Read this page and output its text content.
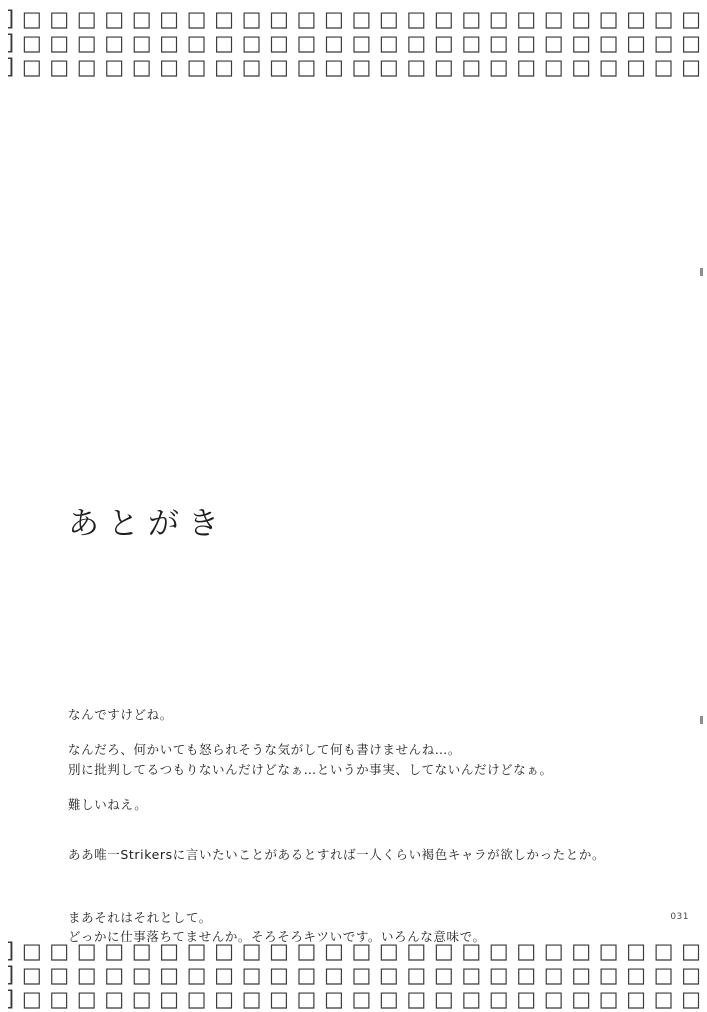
] □ □ □ □ □ □ □ □ □ □ □ □ □ □ □ □ □ □ □ □ □ □ □ □ □
] □ □ □ □ □ □ □ □ □ □ □ □ □ □ □ □ □ □ □ □ □ □ □ □ □
] □ □ □ □ □ □ □ □ □ □ □ □ □ □ □ □ □ □ □ □ □ □ □ □ □
] □ □ □ □ □ □ □ □ □ □ □ □ □ □ □ □ □ □ □ □ □ □ □ □ □
] □ □ □ □ □ □ □ □ □ □ □ □ □ □ □ □ □ □ □ □ □ □ □ □ □
] □ □ □ □ □ □ □ □ □ □ □ □ □ □ □ □ □ □ □ □ □ □ □ □ □
あとがき

なんですけどね。

なんだろ、何かいても怒られそうな気がして何も書けませんね…。
別に批判してるつもりないんだけどなぁ…というか事実、してないんだけどなぁ。

難しいねえ。

ああ唯一Strikersに言いたいことがあるとすれば一人くらい褐色キャラが欲しかったとか。

まあそれはそれとして。
どっかに仕事落ちてませんか。そろそろキツいです。いろんな意味で。

031
